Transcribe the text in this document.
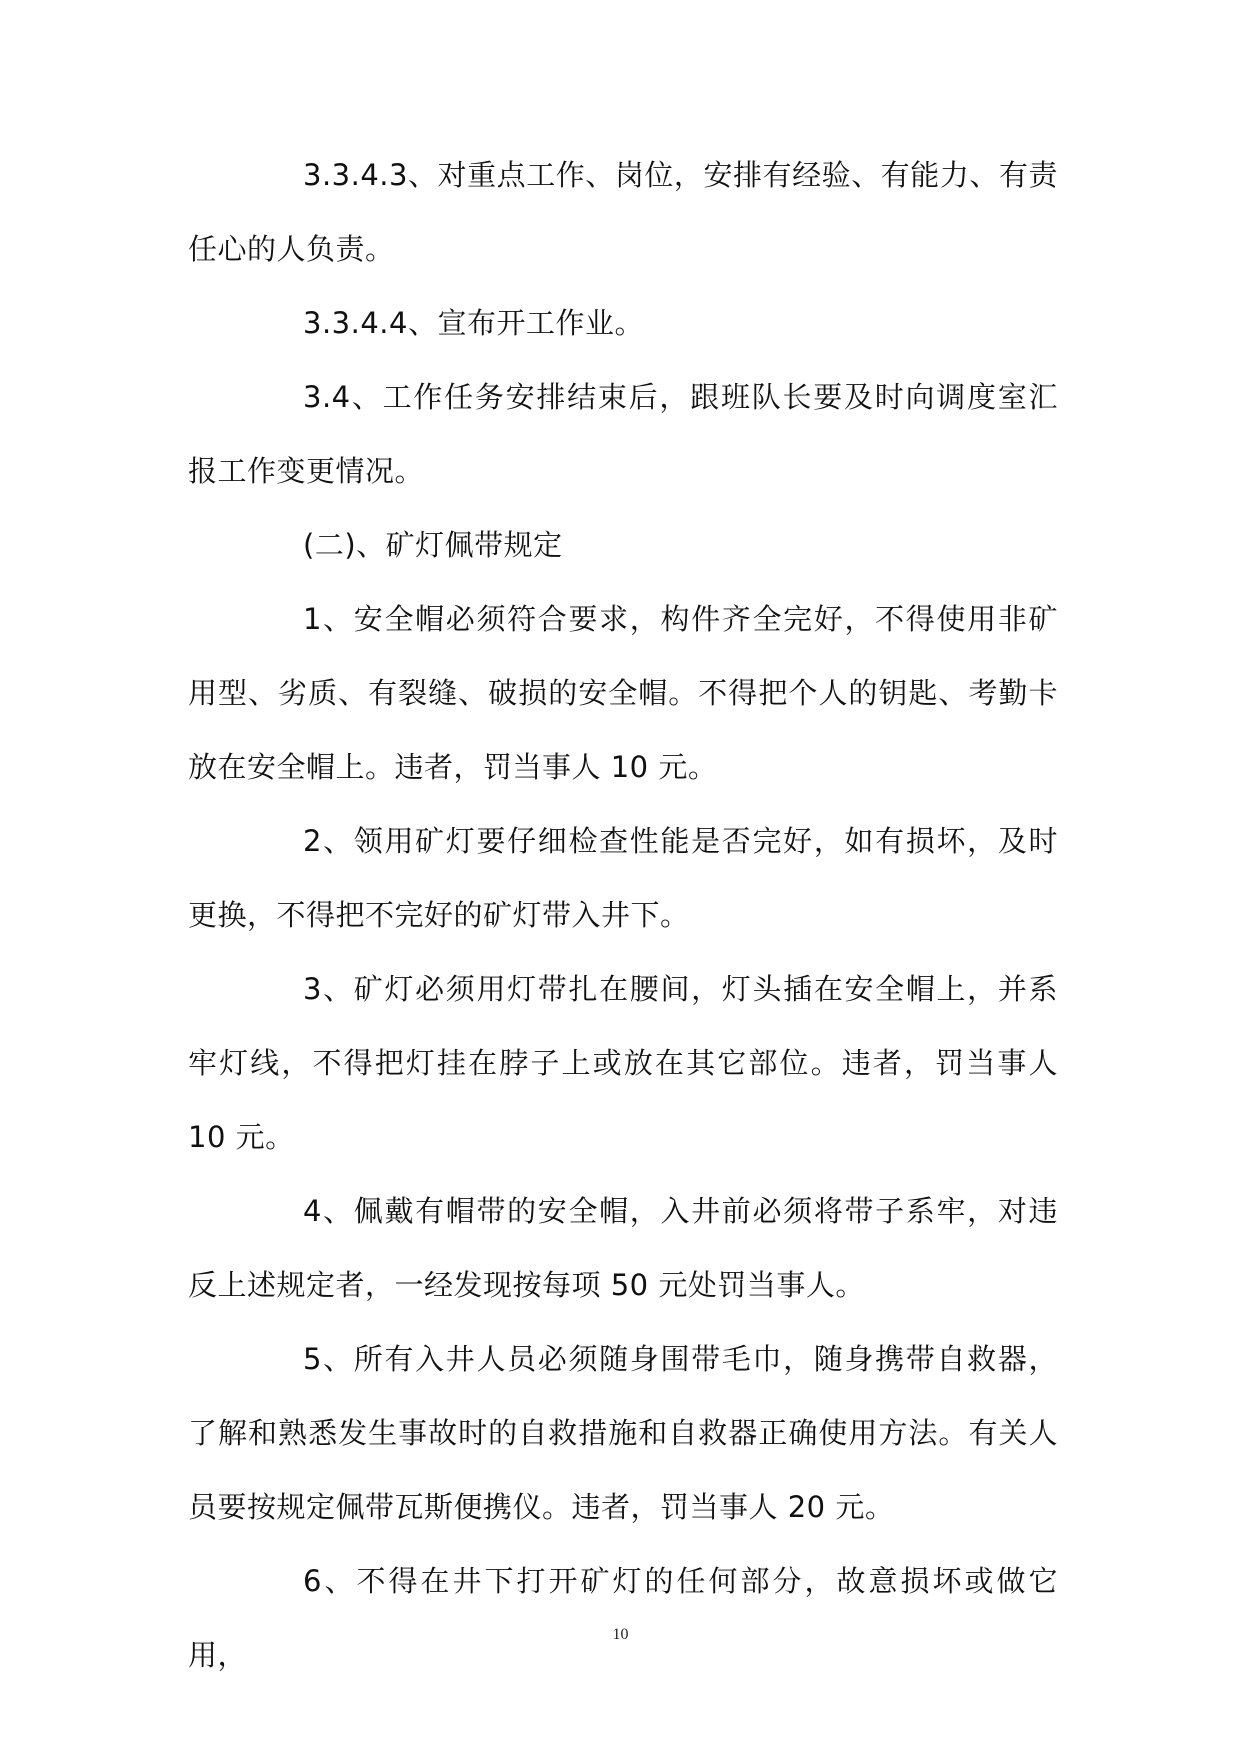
3.3.4.3、对重点工作、岗位，安排有经验、有能力、有责任心的人负责。

3.3.4.4、宣布开工作业。

3.4、工作任务安排结束后，跟班队长要及时向调度室汇报工作变更情况。

(二)、矿灯佩带规定

1、安全帽必须符合要求，构件齐全完好，不得使用非矿用型、劣质、有裂缝、破损的安全帽。不得把个人的钥匙、考勤卡放在安全帽上。违者，罚当事人 10 元。

2、领用矿灯要仔细检查性能是否完好，如有损坏，及时更换，不得把不完好的矿灯带入井下。

3、矿灯必须用灯带扎在腰间，灯头插在安全帽上，并系牢灯线，不得把灯挂在脖子上或放在其它部位。违者，罚当事人 10 元。

4、佩戴有帽带的安全帽，入井前必须将带子系牢，对违反上述规定者，一经发现按每项 50 元处罚当事人。

5、所有入井人员必须随身围带毛巾，随身携带自救器，了解和熟悉发生事故时的自救措施和自救器正确使用方法。有关人员要按规定佩带瓦斯便携仪。违者，罚当事人 20 元。

6、不得在井下打开矿灯的任何部分，故意损坏或做它用，

10
